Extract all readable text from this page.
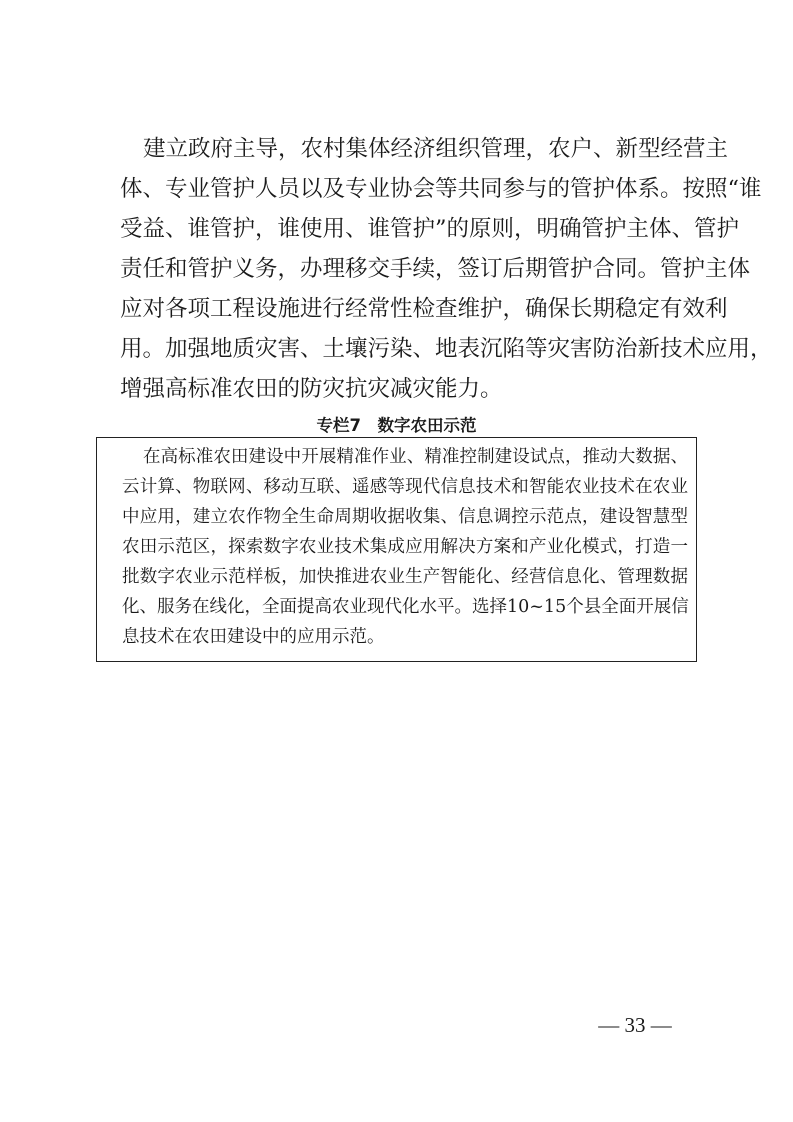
建立政府主导，农村集体经济组织管理，农户、新型经营主
体、专业管护人员以及专业协会等共同参与的管护体系。按照“谁
受益、谁管护，谁使用、谁管护”的原则，明确管护主体、管护
责任和管护义务，办理移交手续，签订后期管护合同。管护主体
应对各项工程设施进行经常性检查维护，确保长期稳定有效利
用。加强地质灾害、土壤污染、地表沉陷等灾害防治新技术应用，
增强高标准农田的防灾抗灾减灾能力。
专栏7　数字农田示范
在高标准农田建设中开展精准作业、精准控制建设试点，推动大数据、
云计算、物联网、移动互联、遥感等现代信息技术和智能农业技术在农业
中应用，建立农作物全生命周期收据收集、信息调控示范点，建设智慧型
农田示范区，探索数字农业技术集成应用解决方案和产业化模式，打造一
批数字农业示范样板，加快推进农业生产智能化、经营信息化、管理数据
化、服务在线化，全面提高农业现代化水平。选择10~15个县全面开展信
息技术在农田建设中的应用示范。
— 33 —
